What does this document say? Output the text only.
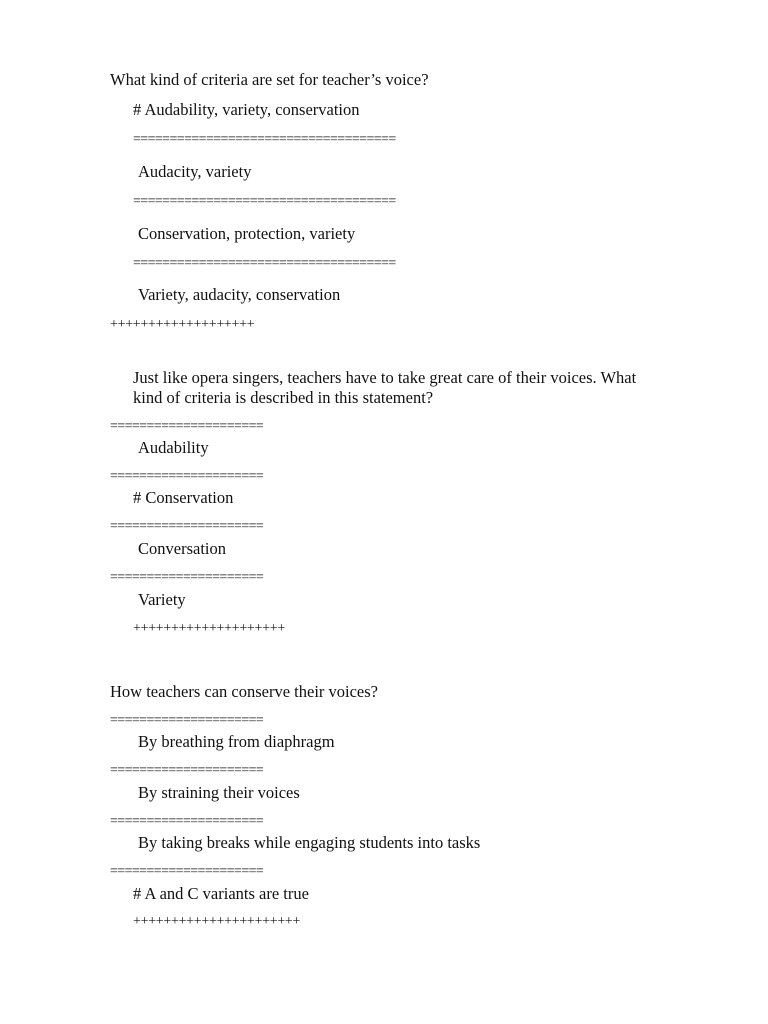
What kind of criteria are set for teacher’s voice?
# Audability, variety, conservation
====================================
Audacity, variety
====================================
Conservation, protection, variety
====================================
Variety, audacity, conservation
+++++++++++++++++++
Just like opera singers, teachers have to take great care of their voices. What
kind of criteria is described in this statement?
=====================
Audability
=====================
# Conservation
=====================
Conversation
=====================
Variety
++++++++++++++++++++
How teachers can conserve their voices?
=====================
By breathing from diaphragm
=====================
By straining their voices
=====================
By taking breaks while engaging students into tasks
=====================
# A and C variants are true
++++++++++++++++++++++
